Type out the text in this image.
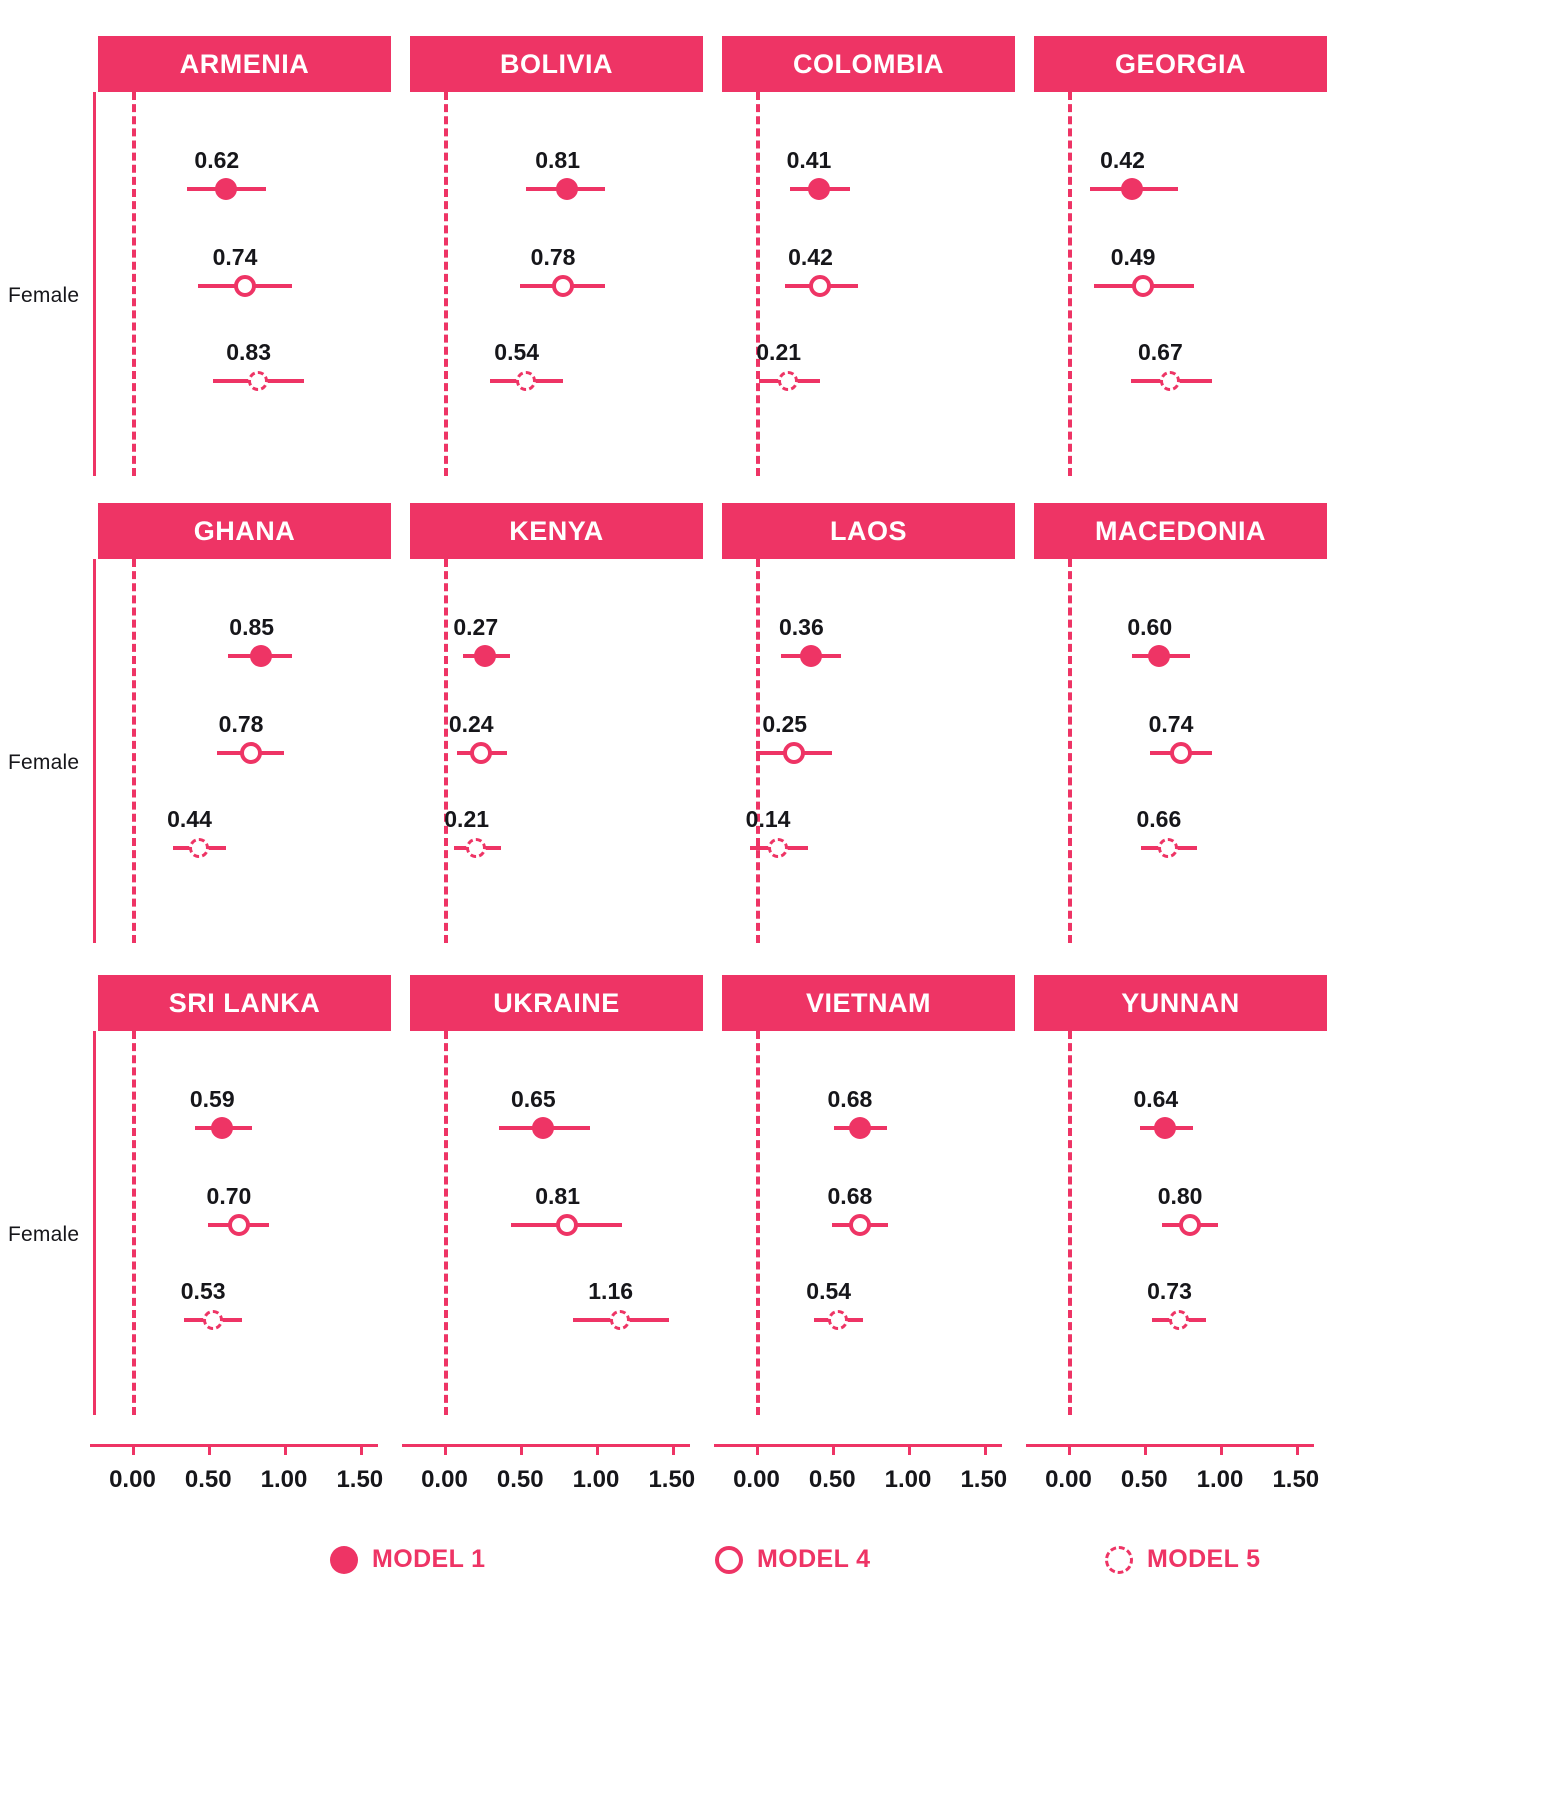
Female
Female
Female
ARMENIA
0.62
0.74
0.83
BOLIVIA
0.81
0.78
0.54
COLOMBIA
0.41
0.42
0.21
GEORGIA
0.42
0.49
0.67
GHANA
0.85
0.78
0.44
KENYA
0.27
0.24
0.21
LAOS
0.36
0.25
0.14
MACEDONIA
0.60
0.74
0.66
SRI LANKA
0.59
0.70
0.53
UKRAINE
0.65
0.81
1.16
VIETNAM
0.68
0.68
0.54
YUNNAN
0.64
0.80
0.73
0.00	0.50	1.00	1.50	0.00	0.50	1.00	1.50	0.00	0.50	1.00	1.50	0.00	0.50	1.00	1.50
MODEL 1	MODEL 4	MODEL 5
